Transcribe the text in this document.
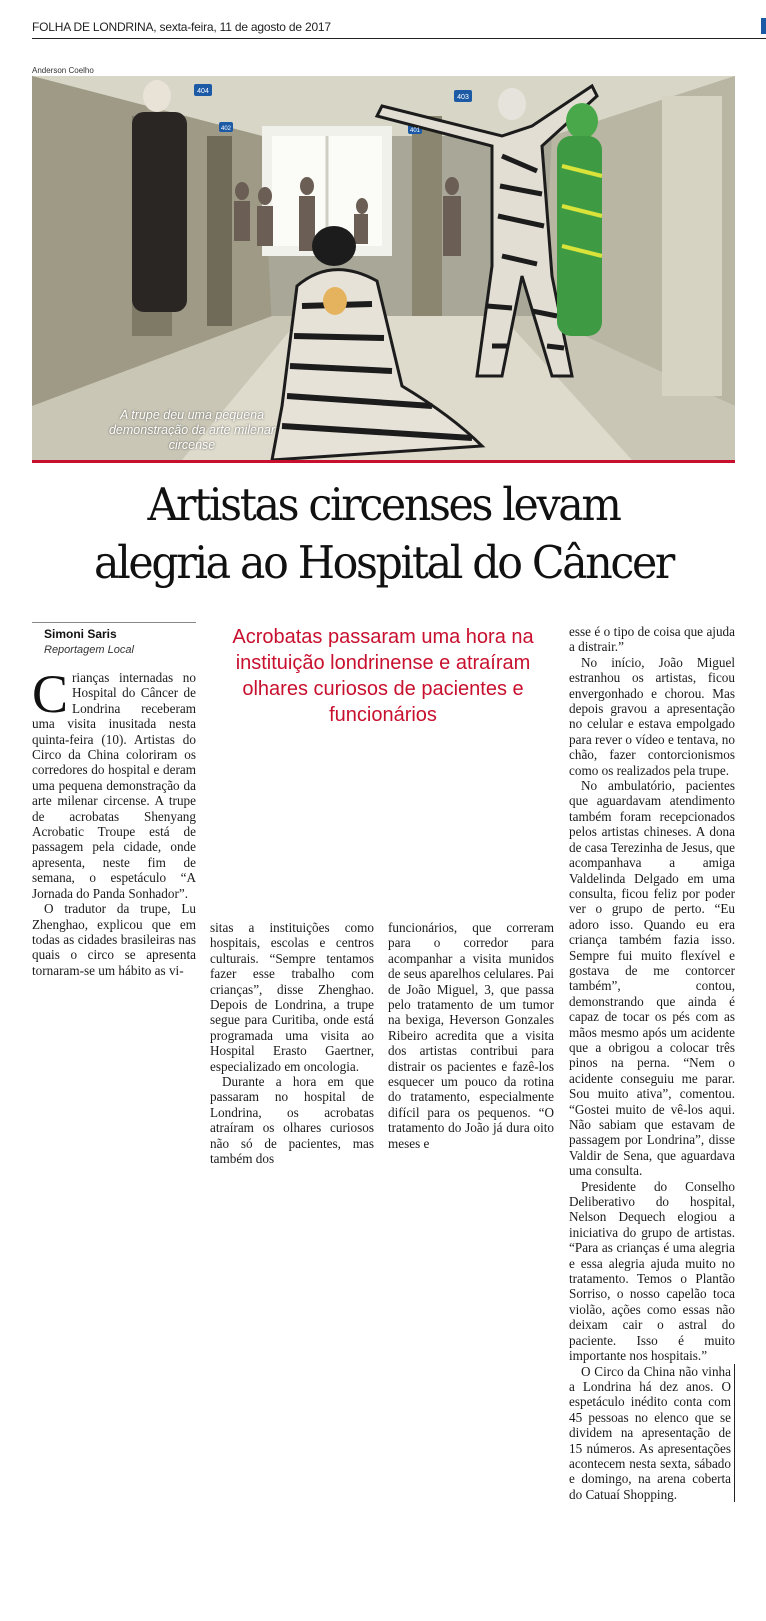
FOLHA DE LONDRINA, sexta-feira, 11 de agosto de 2017
Anderson Coelho
404
403
402	401
A trupe deu uma pequena demonstração da arte milenar circense
Artistas circenses levam
alegria ao Hospital do Câncer
Simoni Saris
Reportagem Local
Acrobatas passaram uma hora na instituição londrinense e atraíram olhares curiosos de pacientes e funcionários

Crianças internadas no Hospital do Câncer de Londrina receberam uma visita inusitada nesta quinta-feira (10). Artistas do Circo da China coloriram os corredores do hospital e deram uma pequena demonstração da arte milenar circense. A trupe de acrobatas Shenyang Acrobatic Troupe está de passagem pela cidade, onde apresenta, neste fim de semana, o espetáculo “A Jornada do Panda Sonhador”.

O tradutor da trupe, Lu Zhenghao, explicou que em todas as cidades brasileiras nas quais o circo se apresenta tornaram-se um hábito as vi-

sitas a instituições como hospitais, escolas e centros culturais. “Sempre tentamos fazer esse trabalho com crianças”, disse Zhenghao. Depois de Londrina, a trupe segue para Curitiba, onde está programada uma visita ao Hospital Erasto Gaertner, especializado em oncologia.

Durante a hora em que passaram no hospital de Londrina, os acrobatas atraíram os olhares curiosos não só de pacientes, mas também dos

funcionários, que correram para o corredor para acompanhar a visita munidos de seus aparelhos celulares. Pai de João Miguel, 3, que passa pelo tratamento de um tumor na bexiga, Heverson Gonzales Ribeiro acredita que a visita dos artistas contribui para distrair os pacientes e fazê-los esquecer um pouco da rotina do tratamento, especialmente difícil para os pequenos. “O tratamento do João já dura oito meses e

esse é o tipo de coisa que ajuda a distrair.”

No início, João Miguel estranhou os artistas, ficou envergonhado e chorou. Mas depois gravou a apresentação no celular e estava empolgado para rever o vídeo e tentava, no chão, fazer contorcionismos como os realizados pela trupe.

No ambulatório, pacientes que aguardavam atendimento também foram recepcionados pelos artistas chineses. A dona de casa Terezinha de Jesus, que acompanhava a amiga Valdelinda Delgado em uma consulta, ficou feliz por poder ver o grupo de perto. “Eu adoro isso. Quando eu era criança também fazia isso. Sempre fui muito flexível e gostava de me contorcer também”, contou, demonstrando que ainda é capaz de tocar os pés com as mãos mesmo após um acidente que a obrigou a colocar três pinos na perna. “Nem o acidente conseguiu me parar. Sou muito ativa”, comentou. “Gostei muito de vê-los aqui. Não sabiam que estavam de passagem por Londrina”, disse Valdir de Sena, que aguardava uma consulta.

Presidente do Conselho Deliberativo do hospital, Nelson Dequech elogiou a iniciativa do grupo de artistas. “Para as crianças é uma alegria e essa alegria ajuda muito no tratamento. Temos o Plantão Sorriso, o nosso capelão toca violão, ações como essas não deixam cair o astral do paciente. Isso é muito importante nos hospitais.”

O Circo da China não vinha a Londrina há dez anos. O espetáculo inédito conta com 45 pessoas no elenco que se dividem na apresentação de 15 números. As apresentações acontecem nesta sexta, sábado e domingo, na arena coberta do Catuaí Shopping.
